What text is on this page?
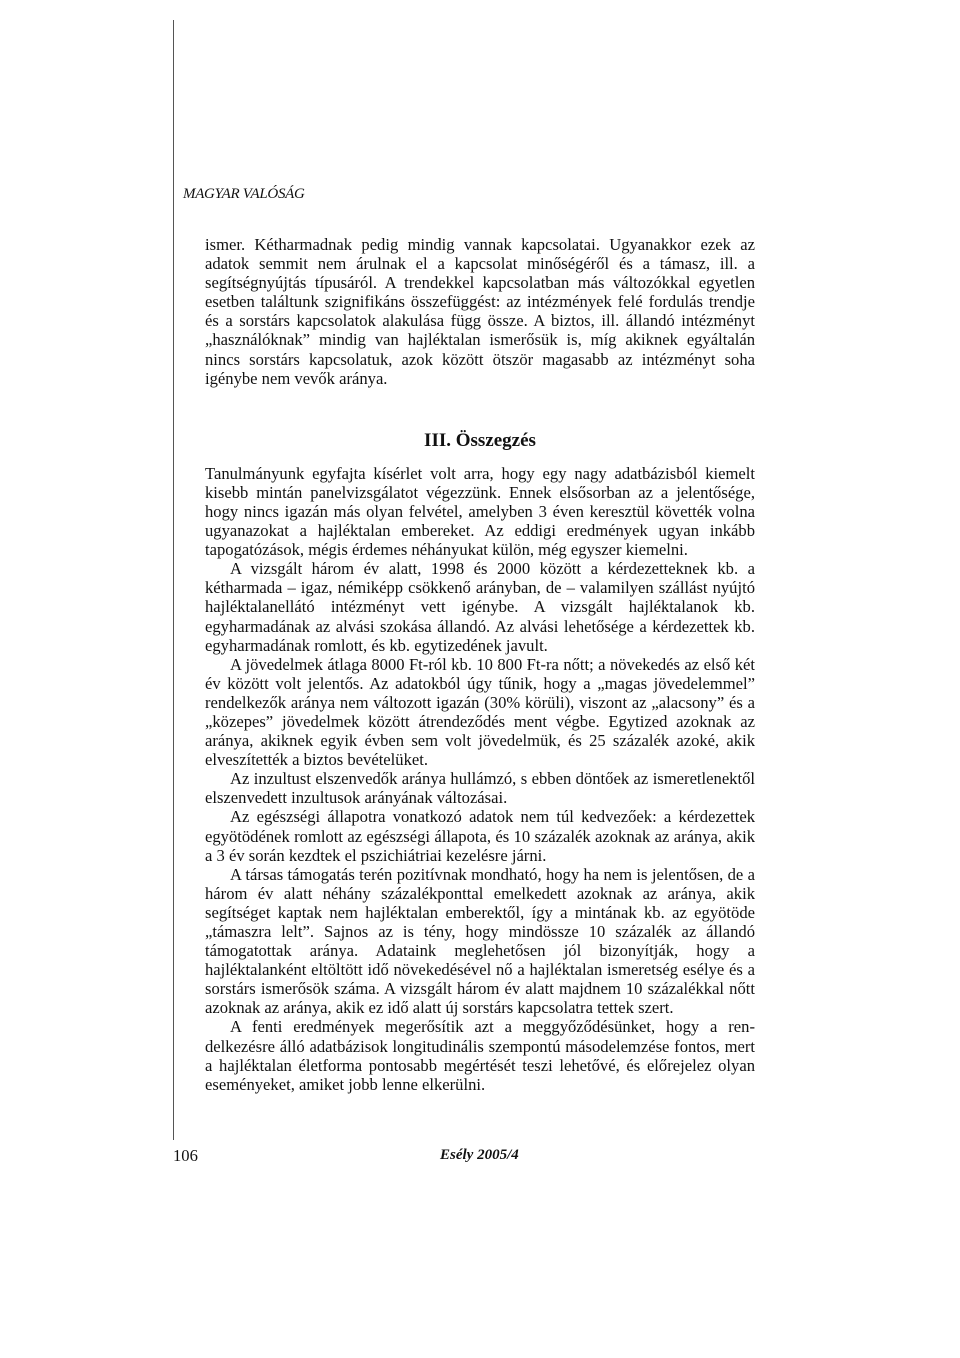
MAGYAR VALÓSÁG

ismer. Kétharmadnak pedig mindig vannak kapcsolatai. Ugyanakkor ezek az adatok semmit nem árulnak el a kapcsolat minőségéről és a támasz, ill. a segítségnyújtás típusáról. A trendekkel kapcsolatban más változókkal egyetlen esetben találtunk szignifikáns összefüggést: az intézmények felé fordulás trendje és a sorstárs kapcsolatok alakulása függ össze. A biztos, ill. állandó intézményt „használóknak” mindig van hajléktalan ismerősük is, míg akiknek egyáltalán nincs sorstárs kapcsolatuk, azok között ötször magasabb az intézményt soha igénybe nem vevők aránya.

III. Összegzés

Tanulmányunk egyfajta kísérlet volt arra, hogy egy nagy adatbázisból kiemelt kisebb mintán panelvizsgálatot végezzünk. Ennek elsősorban az a jelentősége, hogy nincs igazán más olyan felvétel, amelyben 3 éven keresztül követték volna ugyanazokat a hajléktalan embereket. Az eddigi eredmények ugyan inkább tapogatózások, mégis érdemes néhányukat külön, még egyszer kiemelni.

A vizsgált három év alatt, 1998 és 2000 között a kérdezetteknek kb. a kétharmada – igaz, némiképp csökkenő arányban, de – valamilyen szállást nyújtó hajléktalanellátó intézményt vett igénybe. A vizsgált hajléktalanok kb. egyharmadának az alvási szokása állandó. Az alvási lehetősége a kérdezettek kb. egyharmadának romlott, és kb. egytizedének javult.

A jövedelmek átlaga 8000 Ft-ról kb. 10 800 Ft-ra nőtt; a növekedés az első két év között volt jelentős. Az adatokból úgy tűnik, hogy a „magas jövedelemmel” rendelkezők aránya nem változott igazán (30% körüli), viszont az „alacsony” és a „közepes” jövedelmek között átrendeződés ment végbe. Egytized azoknak az aránya, akiknek egyik évben sem volt jövedelmük, és 25 százalék azoké, akik elveszítették a biztos bevételüket.

Az inzultust elszenvedők aránya hullámzó, s ebben döntőek az ismeretlenektől elszenvedett inzultusok arányának változásai.

Az egészségi állapotra vonatkozó adatok nem túl kedvezőek: a kérdezettek egyötödének romlott az egészségi állapota, és 10 százalék azoknak az aránya, akik a 3 év során kezdtek el pszichiátriai kezelésre járni.

A társas támogatás terén pozitívnak mondható, hogy ha nem is jelentősen, de a három év alatt néhány százalékponttal emelkedett azoknak az aránya, akik segítséget kaptak nem hajléktalan emberektől, így a mintának kb. az egyötöde „támaszra lelt”. Sajnos az is tény, hogy mindössze 10 százalék az állandó támogatottak aránya. Adataink meglehetősen jól bizonyítják, hogy a hajléktalanként eltöltött idő növekedésével nő a hajléktalan ismeretség esélye és a sorstárs ismerősök száma. A vizsgált három év alatt majdnem 10 százalékkal nőtt azoknak az aránya, akik ez idő alatt új sorstárs kapcsolatra tettek szert.

A fenti eredmények megerősítik azt a meggyőződésünket, hogy a rendelkezésre álló adatbázisok longitudinális szempontú másodelemzése fontos, mert a hajléktalan életforma pontosabb megértését teszi lehetővé, és előrejelez olyan eseményeket, amiket jobb lenne elkerülni.

106	Esély 2005/4
